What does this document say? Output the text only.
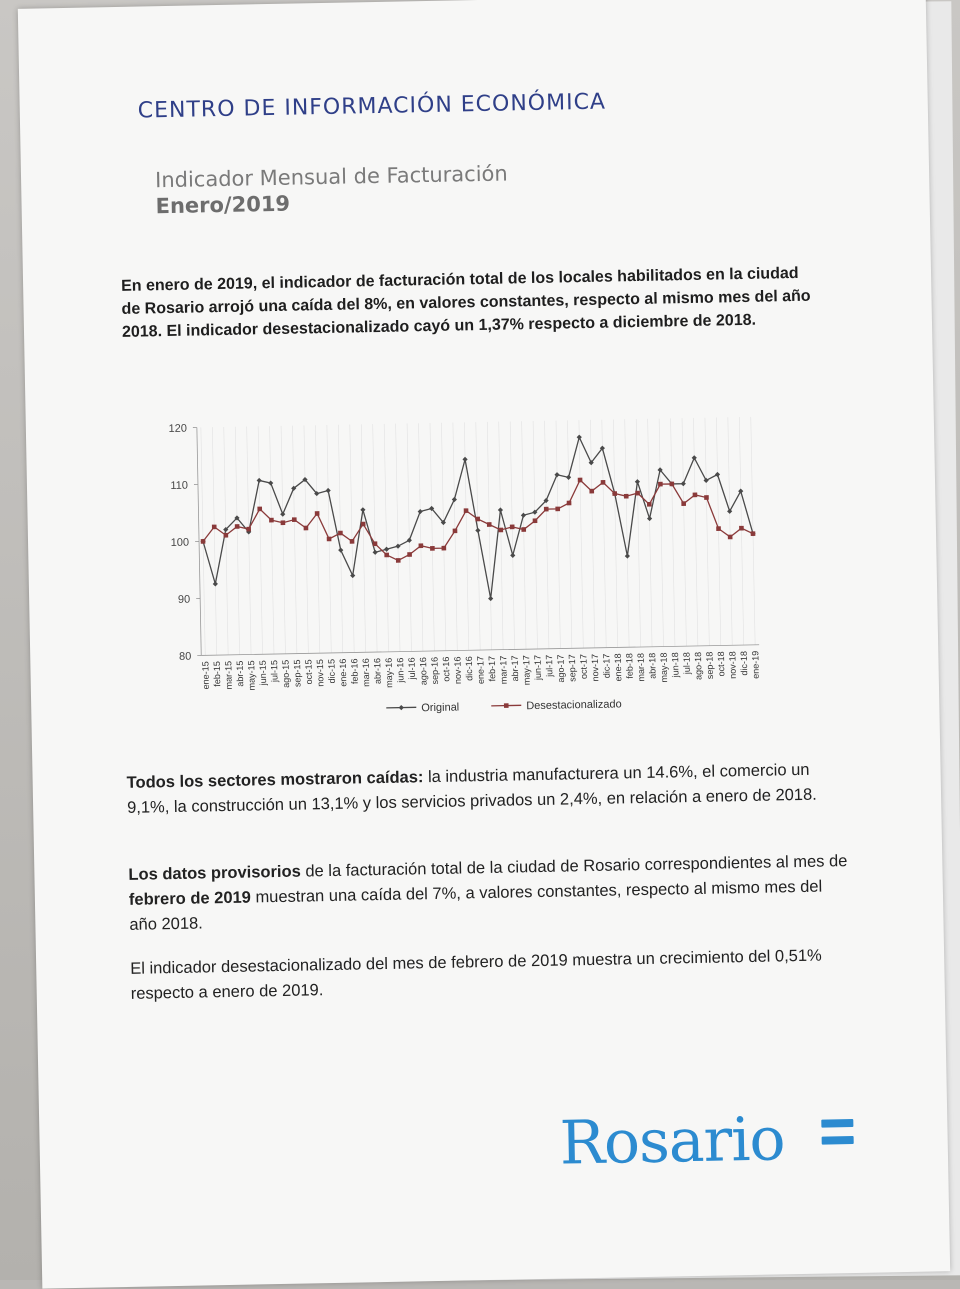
CENTRO DE INFORMACIÓN ECONÓMICA
Indicador Mensual de Facturación
Enero/2019
En enero de 2019, el indicador de facturación total de los locales habilitados en la ciudad de Rosario arrojó una caída del 8%, en valores constantes, respecto al mismo mes del año 2018. El indicador desestacionalizado cayó un 1,37% respecto a diciembre de 2018.
80
90
100
110
120
ene-15 feb-15 mar-15 abr-15 may-15 jun-15 jul-15 ago-15 sep-15 oct-15 nov-15 dic-15 ene-16 feb-16 mar-16 abr-16 may-16 jun-16 jul-16 ago-16 sep-16 oct-16 nov-16 dic-16 ene-17 feb-17 mar-17 abr-17 may-17 jun-17 jul-17 ago-17 sep-17 oct-17 nov-17 dic-17 ene-18 feb-18 mar-18 abr-18 may-18 jun-18 jul-18 ago-18 sep-18 oct-18 nov-18 dic-18 ene-19
Original	Desestacionalizado
Todos los sectores mostraron caídas: la industria manufacturera un 14.6%, el comercio un 9,1%, la construcción un 13,1% y los servicios privados un 2,4%, en relación a enero de 2018.
Los datos provisorios de la facturación total de la ciudad de Rosario correspondientes al mes de febrero de 2019 muestran una caída del 7%, a valores constantes, respecto al mismo mes del año 2018.
El indicador desestacionalizado del mes de febrero de 2019 muestra un crecimiento del 0,51% respecto a enero de 2019.
Rosario
